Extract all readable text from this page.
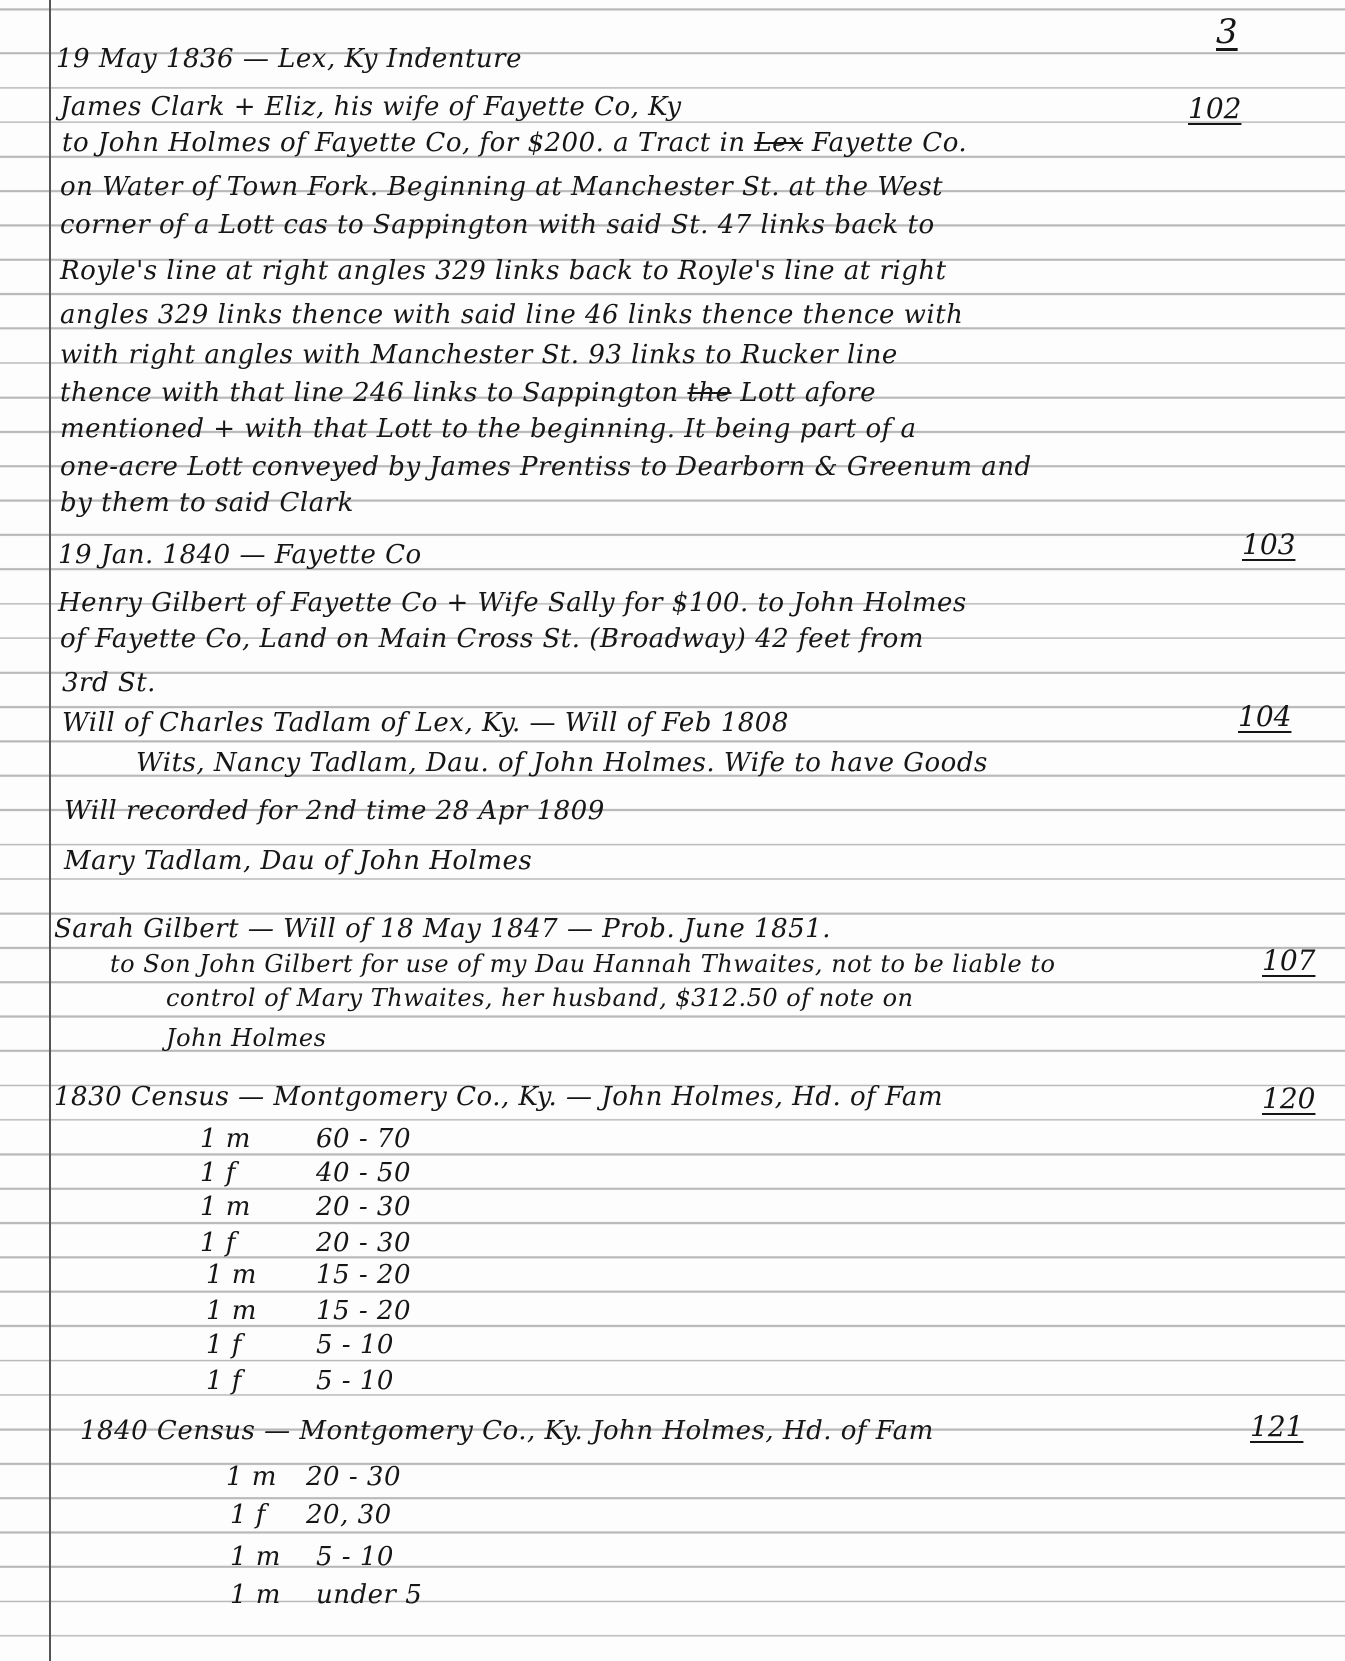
3
102
19 May 1836 — Lex, Ky Indenture
James Clark + Eliz, his wife of Fayette Co, Ky
to John Holmes of Fayette Co, for $200. a Tract in Lex Fayette Co.
on Water of Town Fork. Beginning at Manchester St. at the West
corner of a Lott cas to Sappington with said St. 47 links back to
Royle's line at right angles 329 links back to Royle's line at right
angles 329 links thence with said line 46 links thence thence with
with right angles with Manchester St. 93 links to Rucker line
thence with that line 246 links to Sappington the Lott afore
mentioned + with that Lott to the beginning. It being part of a
one-acre Lott conveyed by James Prentiss to Dearborn & Greenum and
by them to said Clark
103
19 Jan. 1840 — Fayette Co
Henry Gilbert of Fayette Co + Wife Sally for $100. to John Holmes
of Fayette Co, Land on Main Cross St. (Broadway) 42 feet from
3rd St.
104
Will of Charles Tadlam of Lex, Ky. — Will of Feb 1808
Wits, Nancy Tadlam, Dau. of John Holmes. Wife to have Goods
Will recorded for 2nd time 28 Apr 1809
Mary Tadlam, Dau of John Holmes
107
Sarah Gilbert — Will of 18 May 1847 — Prob. June 1851.
to Son John Gilbert for use of my Dau Hannah Thwaites, not to be liable to
control of Mary Thwaites, her husband, $312.50 of note on
John Holmes
120
1830 Census — Montgomery Co., Ky. — John Holmes, Hd. of Fam
1 m	60 - 70
1 f	40 - 50
1 m	20 - 30
1 f	20 - 30
1 m 15 - 20
1 m 15 - 20
1 f	5 - 10
1 f	5 - 10
121
1840 Census — Montgomery Co., Ky. John Holmes, Hd. of Fam
1 m 20 - 30
1 f 20, 30
1 m 5 - 10
1 m under 5
